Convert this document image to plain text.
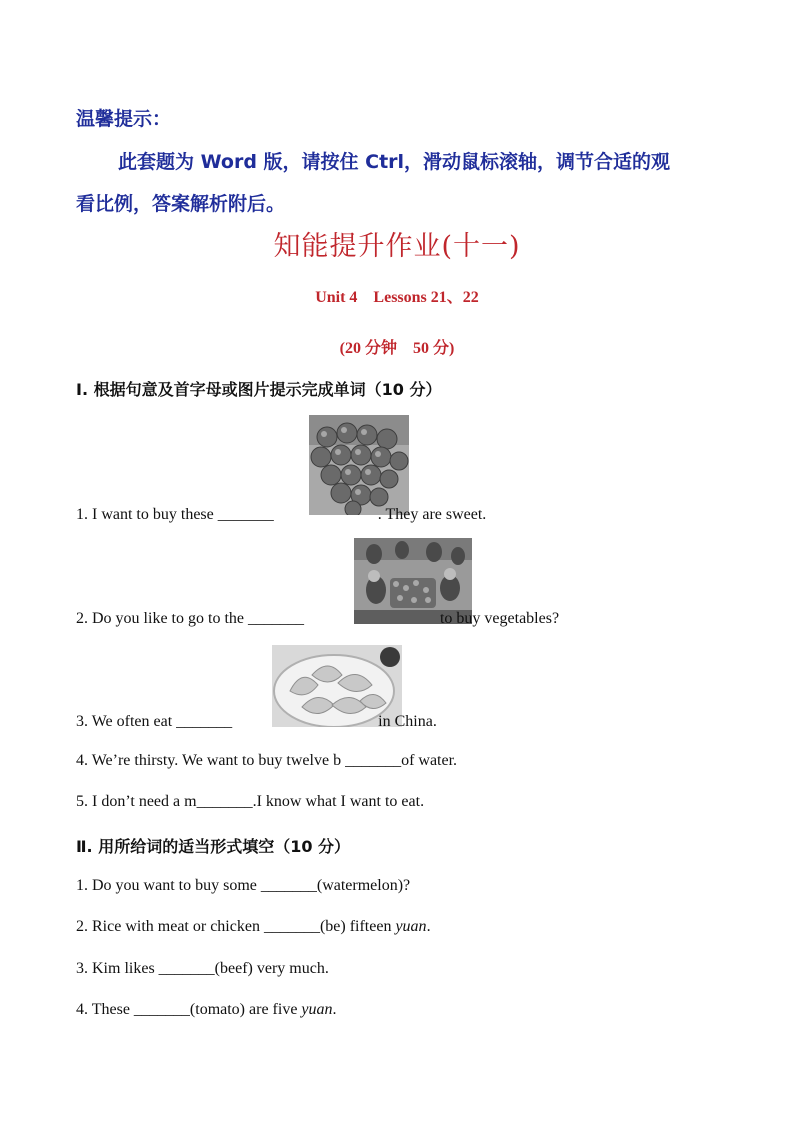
温馨提示：
此套题为 Word 版，请按住 Ctrl，滑动鼠标滚轴，调节合适的观
看比例，答案解析附后。
知能提升作业(十一)
Unit 4　Lessons 21、22
(20 分钟　50 分)
Ⅰ. 根据句意及首字母或图片提示完成单词（10 分）
1. I want to buy these _______	. They are sweet.
2. Do you like to go to the _______	to buy vegetables?
3. We often eat _______	in China.
4. We’re thirsty. We want to buy twelve b _______of water.
5. I don’t need a m_______.I know what I want to eat.
Ⅱ. 用所给词的适当形式填空（10 分）
1. Do you want to buy some _______(watermelon)?
2. Rice with meat or chicken _______(be) fifteen yuan.
3. Kim likes _______(beef) very much.
4. These _______(tomato) are five yuan.
